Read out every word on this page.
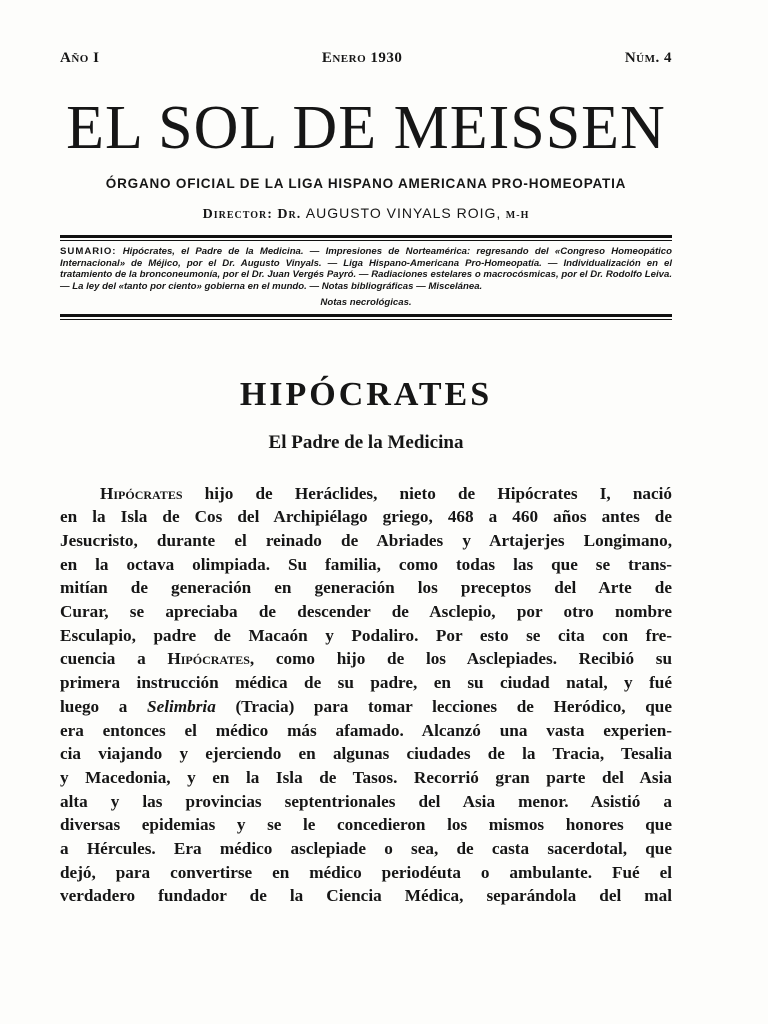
Año I	Enero 1930	Núm. 4
EL SOL DE MEISSEN
ÓRGANO OFICIAL DE LA LIGA HISPANO AMERICANA PRO-HOMEOPATIA
Director: Dr. AUGUSTO VINYALS ROIG, M-H
SUMARIO: Hipócrates, el Padre de la Medicina. — Impresiones de Norteamérica: regresando del «Congreso Homeopático Internacional» de Méjico, por el Dr. Augusto Vinyals. — Liga Hispano-Americana Pro-Homeopatía. — Individualización en el tratamiento de la bronconeumonía, por el Dr. Juan Vergés Payró. — Radiaciones estelares o macrocósmicas, por el Dr. Rodolfo Leiva. — La ley del «tanto por ciento» gobierna en el mundo. — Notas bibliográficas — Miscelánea.
Notas necrológicas.
HIPÓCRATES
El Padre de la Medicina
Hipócrates hijo de Heráclides, nieto de Hipócrates I, nació
en la Isla de Cos del Archipiélago griego, 468 a 460 años antes de
Jesucristo, durante el reinado de Abriades y Artajerjes Longimano,
en la octava olimpiada. Su familia, como todas las que se trans-
mitían de generación en generación los preceptos del Arte de
Curar, se apreciaba de descender de Asclepio, por otro nombre
Esculapio, padre de Macaón y Podaliro. Por esto se cita con fre-
cuencia a Hipócrates, como hijo de los Asclepiades. Recibió su
primera instrucción médica de su padre, en su ciudad natal, y fué
luego a Selimbria (Tracia) para tomar lecciones de Heródico, que
era entonces el médico más afamado. Alcanzó una vasta experien-
cia viajando y ejerciendo en algunas ciudades de la Tracia, Tesalia
y Macedonia, y en la Isla de Tasos. Recorrió gran parte del Asia
alta y las provincias septentrionales del Asia menor. Asistió a
diversas epidemias y se le concedieron los mismos honores que
a Hércules. Era médico asclepiade o sea, de casta sacerdotal, que
dejó, para convertirse en médico periodéuta o ambulante. Fué el
verdadero fundador de la Ciencia Médica, separándola del mal
